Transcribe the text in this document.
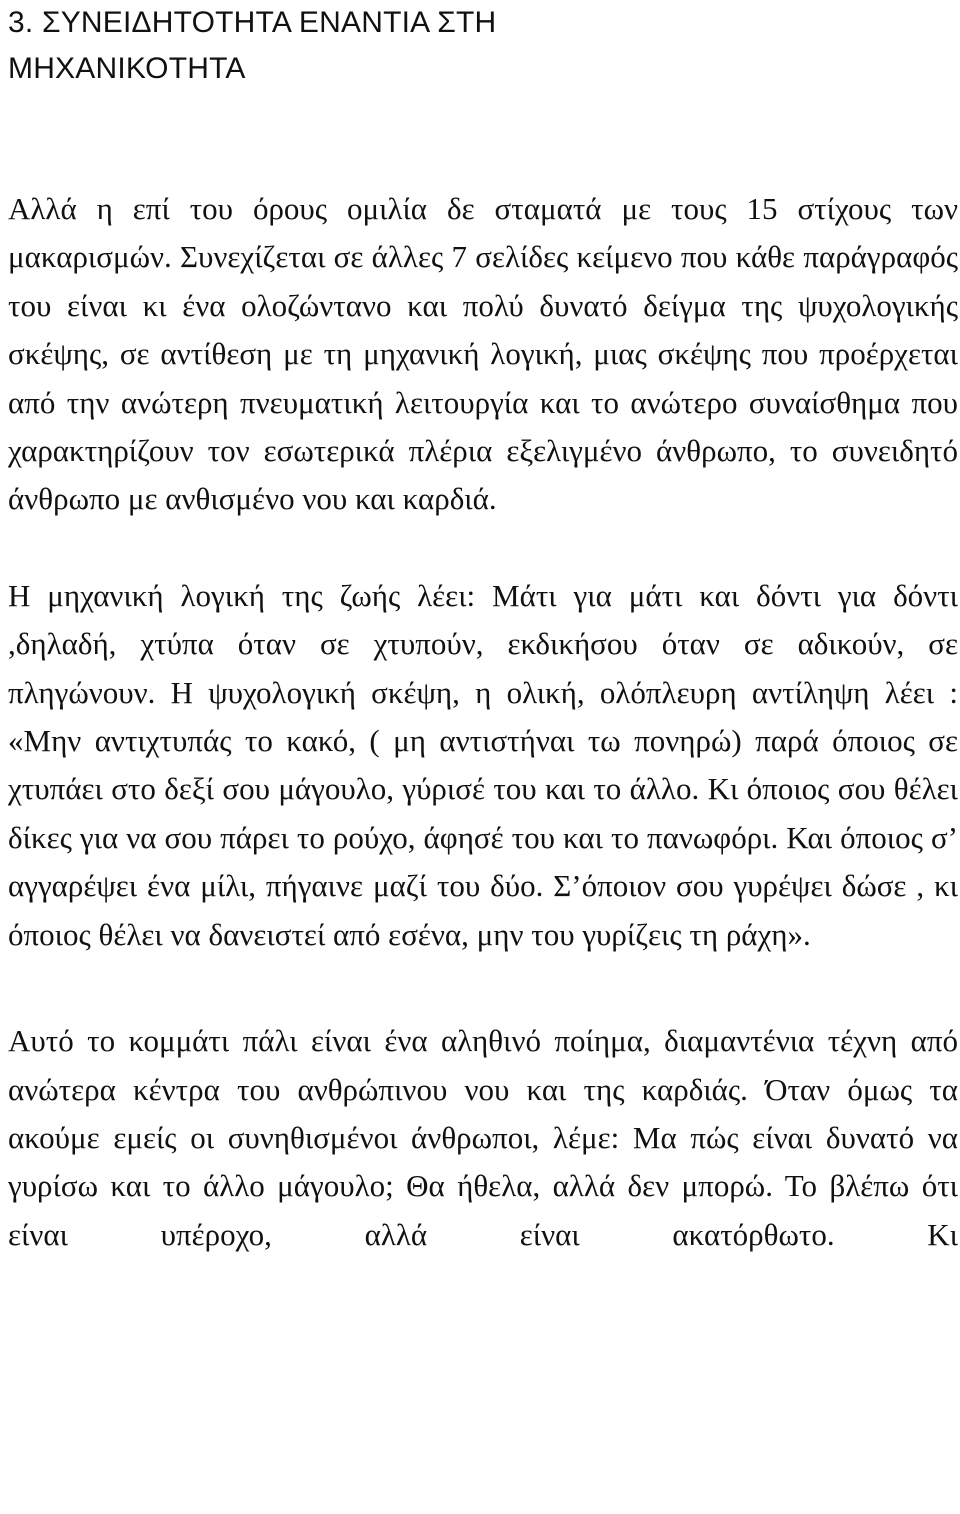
3. ΣΥΝΕΙΔΗΤΟΤΗΤΑ ΕΝΑΝΤΙΑ ΣΤΗ
ΜΗΧΑΝΙΚΟΤΗΤΑ

Αλλά η επί του όρους ομιλία δε σταματά με τους 15 στίχους των μακαρισμών. Συνεχίζεται σε άλλες 7 σελίδες κείμενο που κάθε παράγραφός του είναι κι ένα ολοζώντανο και πολύ δυνατό δείγμα της ψυχολογικής σκέψης, σε αντίθεση με τη μηχανική λογική, μιας σκέψης που προέρχεται από την ανώτερη πνευματική λειτουργία και το ανώτερο συναίσθημα που χαρακτηρίζουν τον εσωτερικά πλέρια εξελιγμένο άνθρωπο, το συνειδητό άνθρωπο με ανθισμένο νου και καρδιά.

Η μηχανική λογική της ζωής λέει: Μάτι για μάτι και δόντι για δόντι ,δηλαδή, χτύπα όταν σε χτυπούν, εκδικήσου όταν σε αδικούν, σε πληγώνουν. Η ψυχολογική σκέψη, η ολική, ολόπλευρη αντίληψη λέει : «Μην αντιχτυπάς το κακό, ( μη αντιστήναι τω πονηρώ) παρά όποιος σε χτυπάει στο δεξί σου μάγουλο, γύρισέ του και το άλλο. Κι όποιος σου θέλει δίκες για να σου πάρει το ρούχο, άφησέ του και το πανωφόρι. Και όποιος σ’ αγγαρέψει ένα μίλι, πήγαινε μαζί του δύο. Σ’όποιον σου γυρέψει δώσε , κι όποιος θέλει να δανειστεί από εσένα, μην του γυρίζεις τη ράχη».

Αυτό το κομμάτι πάλι είναι ένα αληθινό ποίημα, διαμαντένια τέχνη από ανώτερα κέντρα του ανθρώπινου νου και της καρδιάς. Όταν όμως τα ακούμε εμείς οι συνηθισμένοι άνθρωποι, λέμε: Μα πώς είναι δυνατό να γυρίσω και το άλλο μάγουλο; Θα ήθελα, αλλά δεν μπορώ. Το βλέπω ότι είναι υπέροχο, αλλά είναι ακατόρθωτο. Κι
